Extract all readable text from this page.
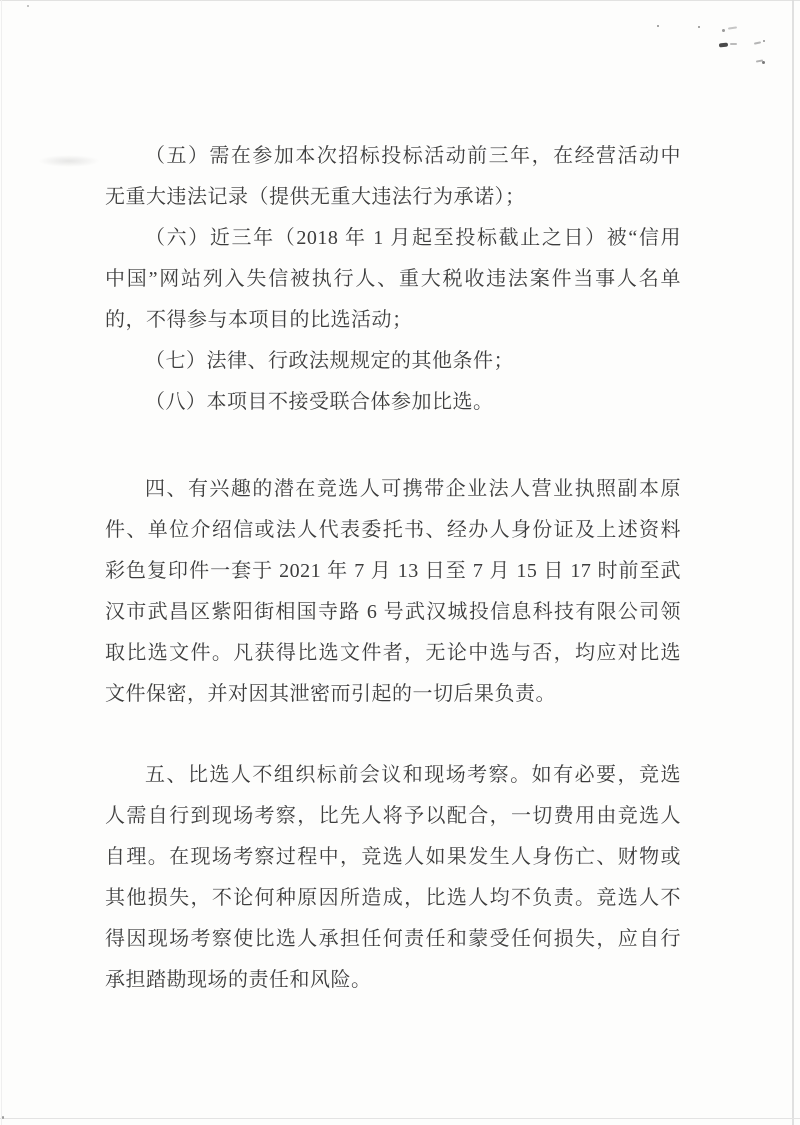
（五）需在参加本次招标投标活动前三年，在经营活动中
无重大违法记录（提供无重大违法行为承诺）；
（六）近三年（2018 年 1 月起至投标截止之日）被“信用
中国”网站列入失信被执行人、重大税收违法案件当事人名单
的，不得参与本项目的比选活动；
（七）法律、行政法规规定的其他条件；
（八）本项目不接受联合体参加比选。
四、有兴趣的潜在竞选人可携带企业法人营业执照副本原
件、单位介绍信或法人代表委托书、经办人身份证及上述资料
彩色复印件一套于 2021 年 7 月 13 日至 7 月 15 日 17 时前至武
汉市武昌区紫阳街相国寺路 6 号武汉城投信息科技有限公司领
取比选文件。凡获得比选文件者，无论中选与否，均应对比选
文件保密，并对因其泄密而引起的一切后果负责。
五、比选人不组织标前会议和现场考察。如有必要，竞选
人需自行到现场考察，比先人将予以配合，一切费用由竞选人
自理。在现场考察过程中，竞选人如果发生人身伤亡、财物或
其他损失，不论何种原因所造成，比选人均不负责。竞选人不
得因现场考察使比选人承担任何责任和蒙受任何损失，应自行
承担踏勘现场的责任和风险。
